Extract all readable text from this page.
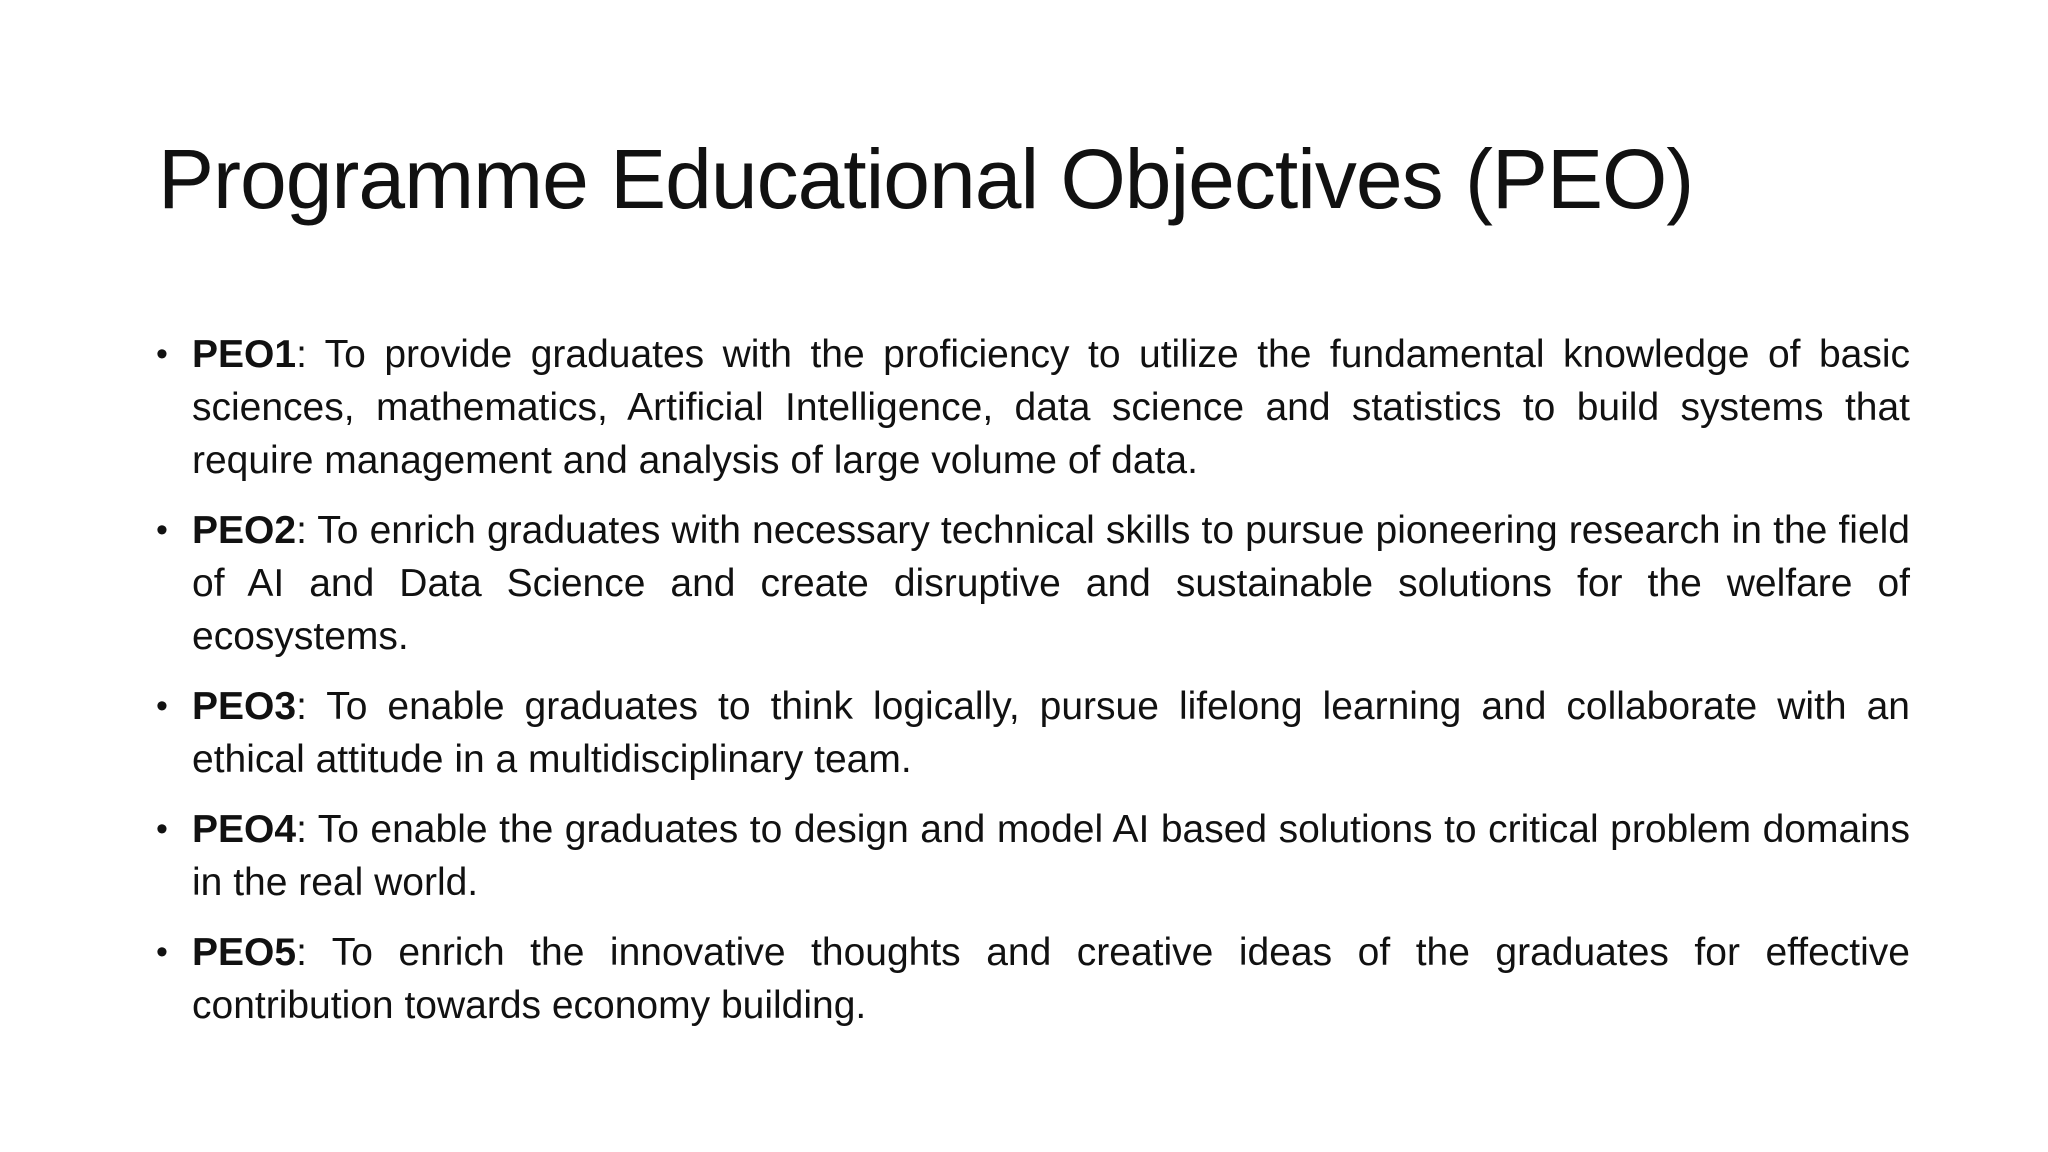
Programme Educational Objectives (PEO)
• PEO1: To provide graduates with the proficiency to utilize the fundamental knowledge of basic sciences, mathematics, Artificial Intelligence, data science and statistics to build systems that require management and analysis of large volume of data.
• PEO2: To enrich graduates with necessary technical skills to pursue pioneering research in the field of AI and Data Science and create disruptive and sustainable solutions for the welfare of ecosystems.
• PEO3: To enable graduates to think logically, pursue lifelong learning and collaborate with an ethical attitude in a multidisciplinary team.
• PEO4: To enable the graduates to design and model AI based solutions to critical problem domains in the real world.
• PEO5: To enrich the innovative thoughts and creative ideas of the graduates for effective contribution towards economy building.
